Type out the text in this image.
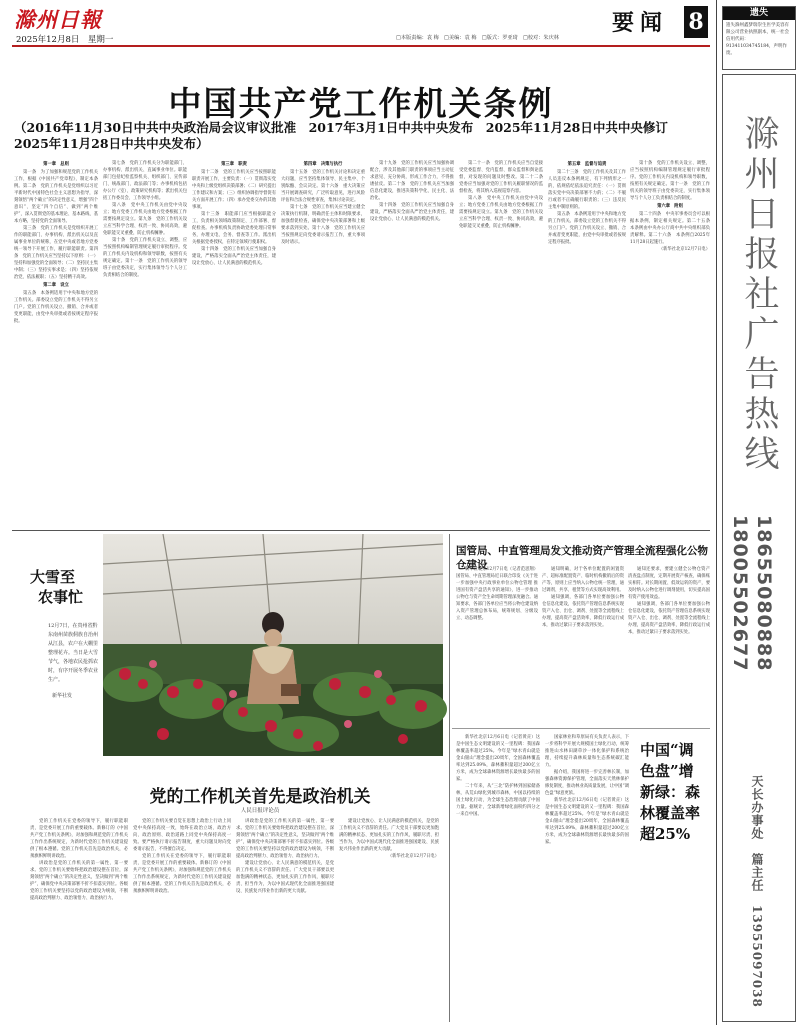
滁州日報
2025年12月8日　星期一	□本版责编：袁 梅　□美编：袁 梅　□版式：罗亚琦　□校对：朱庆林
要闻 8
中国共产党工作机关条例
（2016年11月30日中共中央政治局会议审议批准　2017年3月1日中共中央发布　2025年11月28日中共中央修订　2025年11月28日中共中央发布）

第一章　总则

第一条　为了加强和规范党的工作机关工作，根据《中国共产党章程》，制定本条例。第二条　党的工作机关是党组织以习近平新时代中国特色社会主义思想为指导，深刻领悟“两个确立”的决定性意义，增强“四个意识”、坚定“四个自信”、做到“两个维护”，深入贯彻党的基本理论、基本路线、基本方略，坚持党的全面领导。

第三条　党的工作机关是党组织开展工作的职能部门、办事机构、派出机关以及直属事业单位的统称，在党中央或者地方党委统一领导下开展工作，履行职能职责。第四条　党的工作机关应当坚持以下原则：（一）坚持和加强党的全面领导；（二）坚持民主集中制；（三）坚持实事求是；（四）坚持依规治党、依法履职；（五）坚持精干高效。

第二章　设立

第五条　本条例适用于中央和地方党的工作机关。部委设立党的工作机关不得另立门户。党的工作机关设立、撤销、合并或者变更职能，由党中央审批或者按规定程序报批。

第七条　党的工作机关分为职能部门、办事机构、派出机关、直属事业单位。职能部门包括纪检监察机关、组织部门、宣传部门、统战部门、政法部门等；办事机构包括办公厅（室）、政策研究机构等；派出机关包括工作委员会、工作领导小组。

第八条　党中央工作机关由党中央设立；地方党委工作机关由地方党委根据工作需要按规定设立。第九条　党的工作机关设立应当科学合理、权责一致、协同高效，避免职能交叉重叠，防止机构臃肿。

第十条　党的工作机关设立、调整，应当按照机构编制管理规定履行审批程序。党的工作机关内设机构和领导职数，按照有关规定确定。第十一条　党的工作机关的领导班子由党委决定，实行集体领导与个人分工负责相结合的制度。

第三章　职责

第十二条　党的工作机关应当按照职能职责开展工作，主要负责：（一）贯彻落实党中央和上级党组织决策部署；（二）研究提出工作建议和方案；（三）组织协调指导督促有关方面开展工作；（四）承办党委交办的其他事项。

第十三条　职能部门应当根据职能分工，负责相关领域政策制定、工作部署、督促检查。办事机构负责协助党委处理日常事务，办理文电、会务、督查等工作。派出机关根据党委授权，在特定领域行使职权。

第十四条　党的工作机关应当加强自身建设，严格落实全面从严治党主体责任，建设让党放心、让人民满意的模范机关。

第四章　决策与执行

第十五条　党的工作机关讨论和决定重大问题，应当坚持集体领导、民主集中、个别酝酿、会议决定。第十六条　重大决策应当开展调查研究，广泛听取意见，进行风险评估和合法合规性审查，集体讨论决定。

第十七条　党的工作机关应当建立健全决策执行机制，明确责任主体和时限要求，加强督促检查，确保党中央决策部署和上级要求落到实处。第十八条　党的工作机关应当按照规定向党委请示报告工作，重大事项及时请示。

第十九条　党的工作机关应当加强协调配合，涉及其他部门职责的事项应当主动征求意见、充分协商，形成工作合力，不得推诿扯皮。第二十条　党的工作机关应当加强信息化建设，推进决策科学化、民主化、法治化。

第十四条　党的工作机关应当加强自身建设，严格落实全面从严治党主体责任，建设让党放心、让人民满意的模范机关。

第二十一条　党的工作机关应当自觉接受党委监督、党内监督、群众监督和舆论监督，对发现的问题及时整改。第二十二条　党委应当加强对党的工作机关履职情况的监督检查，将其纳入巡视巡察内容。

第八条　党中央工作机关由党中央设立；地方党委工作机关由地方党委根据工作需要按规定设立。第九条　党的工作机关设立应当科学合理、权责一致、协同高效，避免职能交叉重叠，防止机构臃肿。

第五章　监督与追责

第二十三条　党的工作机关及其工作人员违反本条例规定，有下列情形之一的，依规依纪依法追究责任：（一）贯彻落实党中央决策部署不力的；（二）不履行或者不正确履行职责的；（三）违反民主集中制原则的。

第五条　本条例适用于中央和地方党的工作机关。部委设立党的工作机关不得另立门户。党的工作机关设立、撤销、合并或者变更职能，由党中央审批或者按规定程序报批。

第十条　党的工作机关设立、调整，应当按照机构编制管理规定履行审批程序。党的工作机关内设机构和领导职数，按照有关规定确定。第十一条　党的工作机关的领导班子由党委决定，实行集体领导与个人分工负责相结合的制度。

第六章　附则

第二十四条　中央军事委员会可以根据本条例，制定相关规定。第二十五条　本条例由中央办公厅商中共中央组织部负责解释。第二十六条　本条例自2025年11月28日起施行。

（新华社北京12月7日电）

大雪至
农事忙
12月7日，在贵州省黔东南州苗族侗族自治州从江县，农户在大棚里整理花卉。当日是大雪节气，各地农民抢抓农时，有序开展冬季农业生产。
新华社发
国管局、中直管理局发文推动资产管理全流程强化公物仓建设

新华社北京12月7日电（记者范思翔）国管局、中直管理局近日联合印发《关于进一步加强中央行政事业单位公物仓管理 推进国有资产盘活共享的通知》，进一步推动公物仓与资产全生命周期管理深度融合。通知要求，各部门各单位应当将公物仓建设纳入资产管理总体布局，统筹规划、分级设立、动态调整。

通知明确，对于各单位配置的闲置资产、超标准配置资产、临时机构撤销后的资产等，原则上应当纳入公物仓统一管理，通过调剂、共享、租赁等方式实现高效利用。

通知强调，各部门各单位要加强公物仓信息化建设，依托资产管理信息系统实现资产入仓、出仓、调剂、处置等全流程线上办理，提高资产盘活效率，降低行政运行成本，推动过紧日子要求落到实处。

通知还要求，要建立健全公物仓资产清查盘点制度，定期开展资产核查，确保账实相符。对长期闲置、低效运转的资产，要及时纳入公物仓进行调剂使用，切实提高国有资产使用效益。

通知强调，各部门各单位要加强公物仓信息化建设，依托资产管理信息系统实现资产入仓、出仓、调剂、处置等全流程线上办理，提高资产盘活效率，降低行政运行成本，推动过紧日子要求落到实处。

新华社北京12月6日电（记者黄垚）这是中国生态文明建设的又一里程碑：我国森林覆盖率超过25%。今年是“绿水青山就是金山银山”理念提出20周年，全国森林覆盖率达到25.09%，森林蓄积量超过200亿立方米，成为全球森林资源增长最快最多的国家。

二十年来，从“三北”防护林到国家储备林，从荒山绿化到城市森林，中国以持续的国土绿化行动，为全球生态治理贡献了中国力量。据统计，全球新增绿化面积约四分之一来自中国。

国家林业和草原局有关负责人表示，下一步将科学开展大规模国土绿化行动，统筹推进山水林田湖草沙一体化保护和系统治理，持续提升森林质量和生态系统碳汇能力。

据介绍，我国将进一步完善林长制，加强森林资源保护管理，全面落实天然林保护修复制度，推动林业高质量发展，让中国“调色盘”绿意更浓。

新华社北京12月6日电（记者黄垚）这是中国生态文明建设的又一里程碑：我国森林覆盖率超过25%。今年是“绿水青山就是金山银山”理念提出20周年，全国森林覆盖率达到25.09%，森林蓄积量超过200亿立方米，成为全球森林资源增长最快最多的国家。

中国“调色盘”增新绿：森林覆盖率超25%
党的工作机关首先是政治机关
人民日报评论员

党的工作机关在党委的领导下，履行职能职责，是党委开展工作的重要载体。新修订的《中国共产党工作机关条例》，对加强和规范党的工作机关工作作出系统规定，为新时代党的工作机关建设提供了根本遵循。党的工作机关首先是政治机关，必须旗帜鲜明讲政治。

讲政治是党的工作机关的第一属性、第一要求。党的工作机关要始终把政治建设摆在首位，深刻领悟“两个确立”的决定性意义，坚决做到“两个维护”，确保党中央决策部署不折不扣落实到位。各级党的工作机关要坚持以党的政治建设为统领，不断提高政治判断力、政治领悟力、政治执行力。

党的工作机关要自觉在思想上政治上行动上同党中央保持高度一致，始终在政治立场、政治方向、政治原则、政治道路上同党中央保持高度一致。要严格执行请示报告制度，重大问题及时向党委请示报告，不得擅自决定。

党的工作机关在党委的领导下，履行职能职责，是党委开展工作的重要载体。新修订的《中国共产党工作机关条例》，对加强和规范党的工作机关工作作出系统规定，为新时代党的工作机关建设提供了根本遵循。党的工作机关首先是政治机关，必须旗帜鲜明讲政治。

讲政治是党的工作机关的第一属性、第一要求。党的工作机关要始终把政治建设摆在首位，深刻领悟“两个确立”的决定性意义，坚决做到“两个维护”，确保党中央决策部署不折不扣落实到位。各级党的工作机关要坚持以党的政治建设为统领，不断提高政治判断力、政治领悟力、政治执行力。

建设让党放心、让人民满意的模范机关，是党的工作机关义不容辞的责任。广大党员干部要以更加饱满的精神状态、更加扎实的工作作风，履职尽责、担当作为，为以中国式现代化全面推进强国建设、民族复兴伟业作出新的更大贡献。

建设让党放心、让人民满意的模范机关，是党的工作机关义不容辞的责任。广大党员干部要以更加饱满的精神状态、更加扎实的工作作风，履职尽责、担当作为，为以中国式现代化全面推进强国建设、民族复兴伟业作出新的更大贡献。

（新华社北京12月7日电）

遗失
遗失滁州鑫梦瑞崇生医学美容有限公司营业执照副本，统一社会信用代码：913411034745184，声明作废。
滁州日报社广告热线
18655080888
18005502677
天长办事处　篇主任　13955097038
